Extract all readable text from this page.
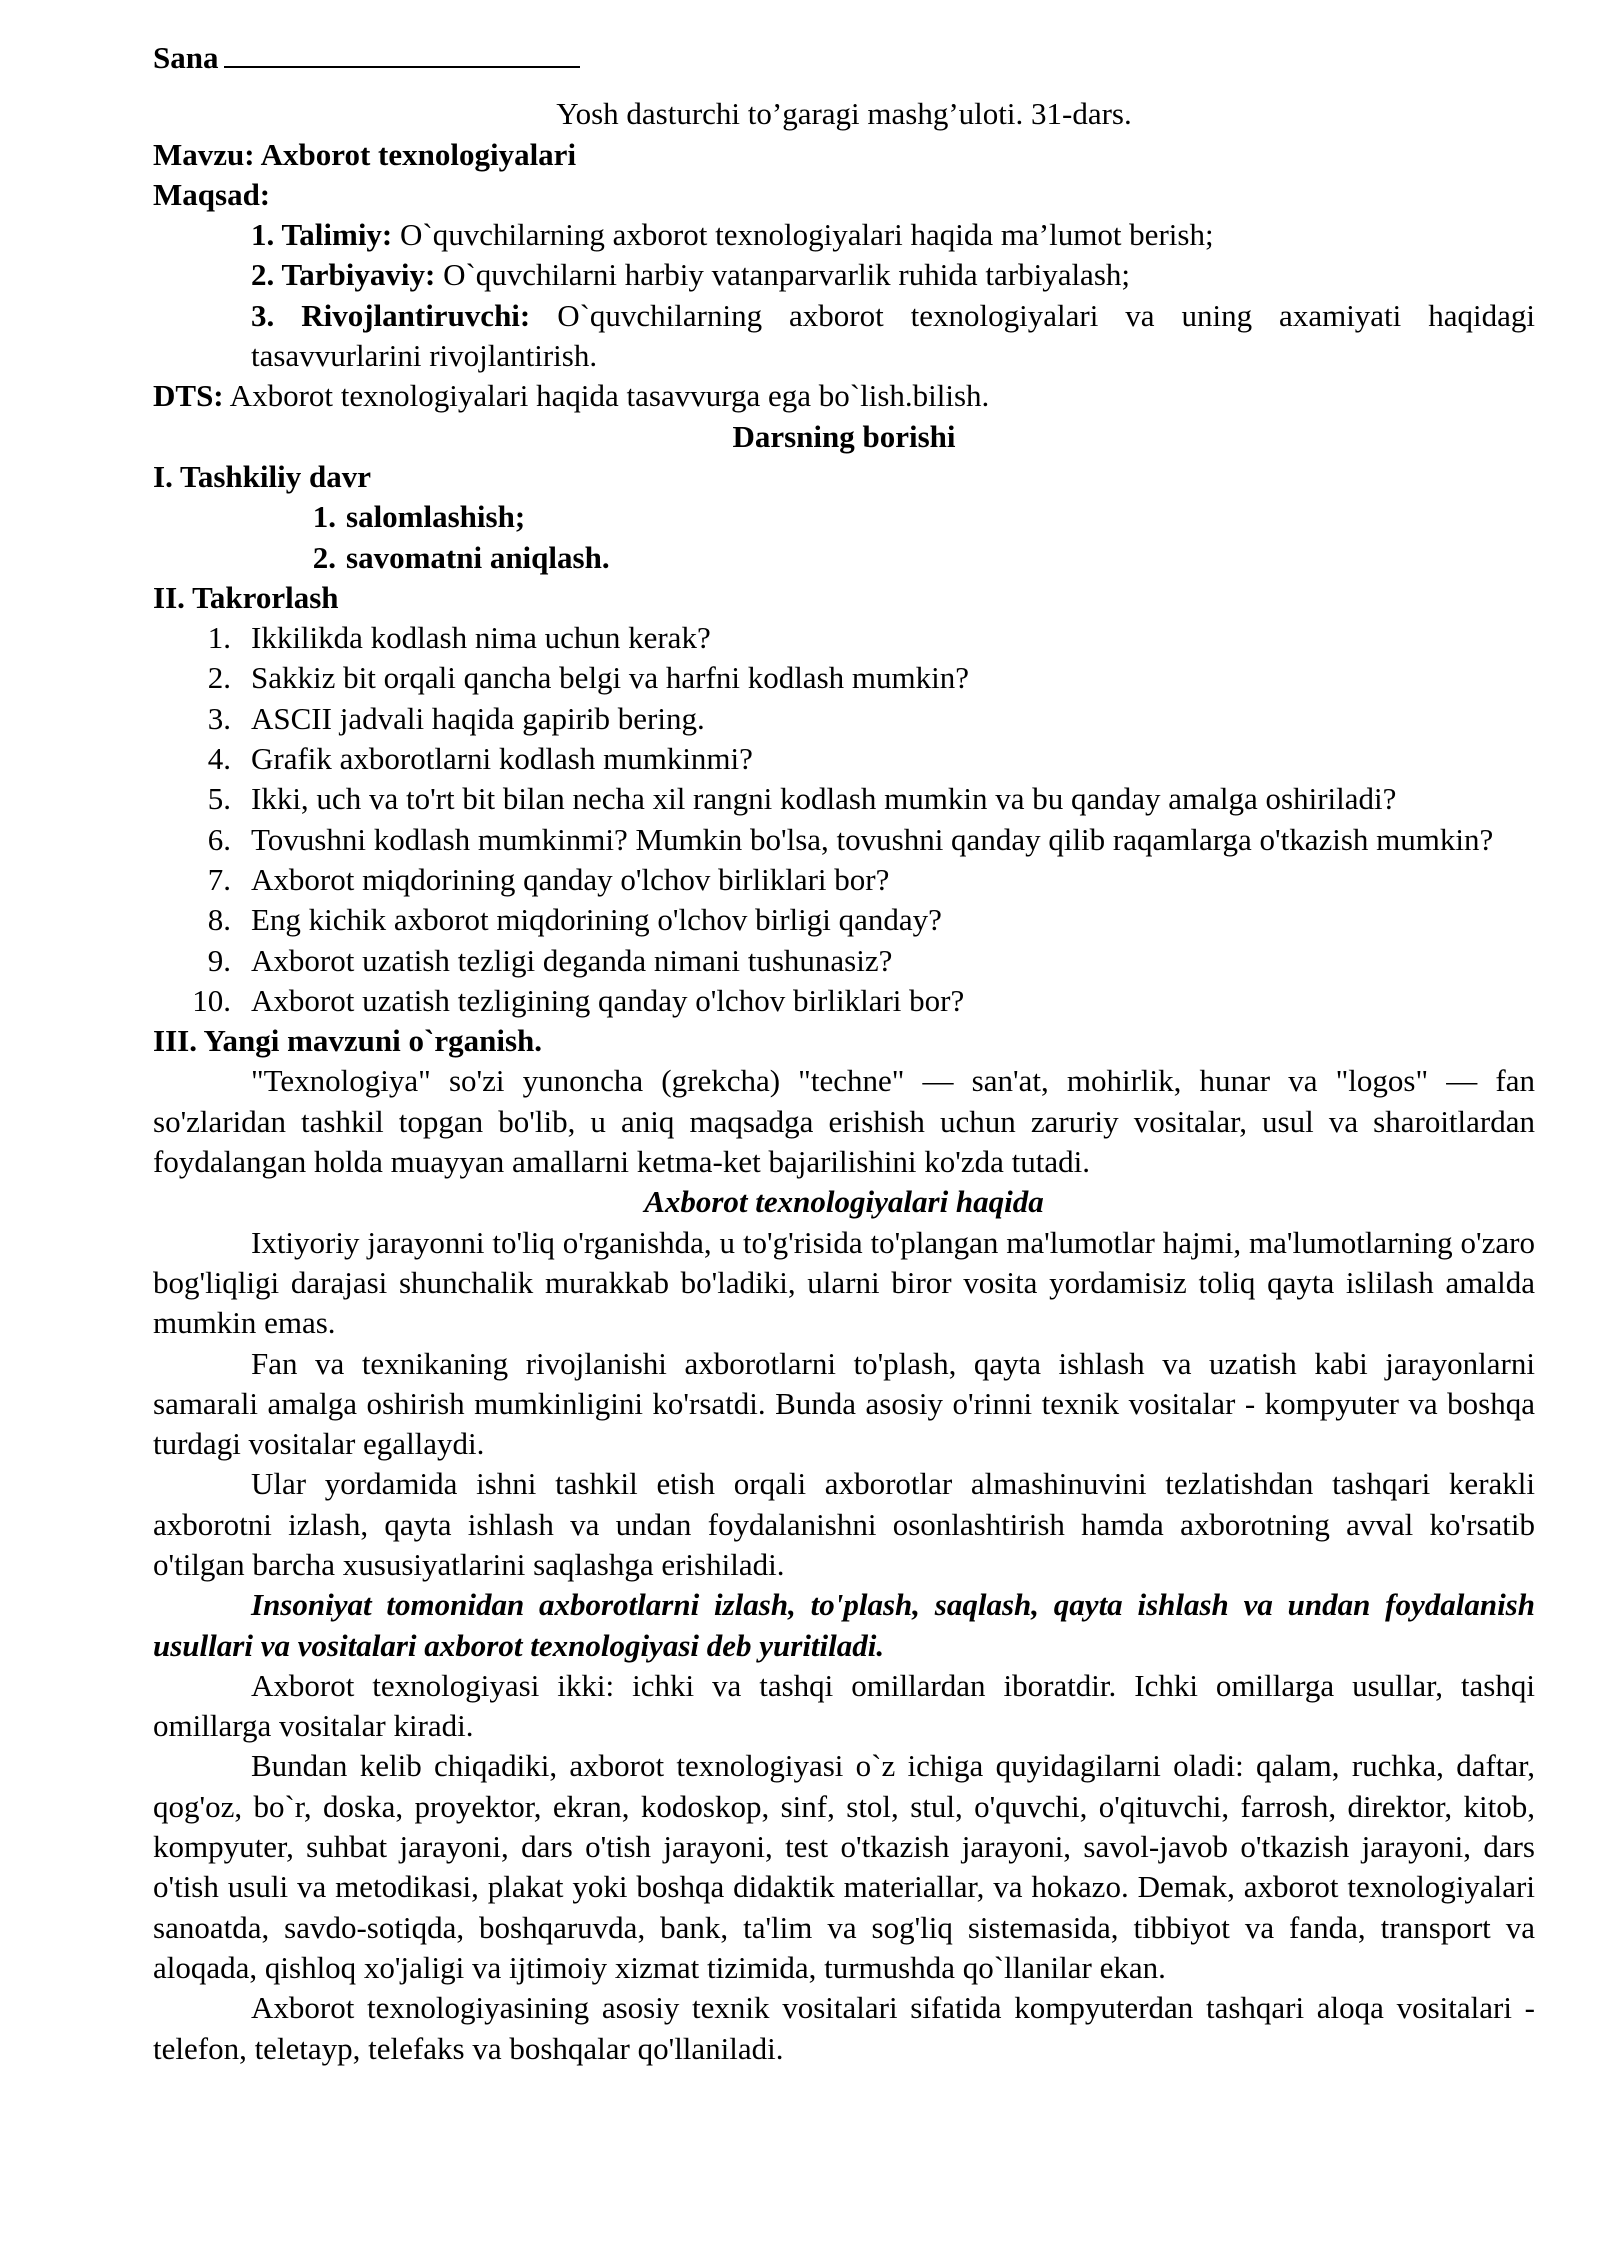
Sana

Yosh dasturchi to’garagi mashg’uloti. 31-dars.

Mavzu: Axborot texnologiyalari

Maqsad:

1. Talimiy: O`quvchilarning axborot texnologiyalari haqida ma’lumot berish;

2. Tarbiyaviy: O`quvchilarni harbiy vatanparvarlik ruhida tarbiyalash;

3. Rivojlantiruvchi: O`quvchilarning axborot texnologiyalari va uning axamiyati haqidagi tasavvurlarini rivojlantirish.

DTS: Axborot texnologiyalari haqida tasavvurga ega bo`lish.bilish.

Darsning borishi

I. Tashkiliy davr

1. salomlashish;
2. savomatni aniqlash.

II. Takrorlash

1. Ikkilikda kodlash nima uchun kerak?
2. Sakkiz bit orqali qancha belgi va harfni kodlash mumkin?
3. ASCII jadvali haqida gapirib bering.
4. Grafik axborotlarni kodlash mumkinmi?
5. Ikki, uch va to'rt bit bilan necha xil rangni kodlash mumkin va bu qanday amalga oshiriladi?
6. Tovushni kodlash mumkinmi? Mumkin bo'lsa, tovushni qanday qilib raqamlarga o'tkazish mumkin?
7. Axborot miqdorining qanday o'lchov birliklari bor?
8. Eng kichik axborot miqdorining o'lchov birligi qanday?
9. Axborot uzatish tezligi deganda nimani tushunasiz?
10. Axborot uzatish tezligining qanday o'lchov birliklari bor?

III. Yangi mavzuni o`rganish.

"Texnologiya" so'zi yunoncha (grekcha) "techne" — san'at, mohirlik, hunar va "logos" — fan so'zlaridan tashkil topgan bo'lib, u aniq maqsadga erishish uchun zaruriy vositalar, usul va sharoitlardan foydalangan holda muayyan amallarni ketma-ket bajarilishini ko'zda tutadi.

Axborot texnologiyalari haqida

Ixtiyoriy jarayonni to'liq o'rganishda, u to'g'risida to'plangan ma'lumotlar hajmi, ma'lumotlarning o'zaro bog'liqligi darajasi shunchalik murakkab bo'ladiki, ularni biror vosita yordamisiz toliq qayta islilash amalda mumkin emas.

Fan va texnikaning rivojlanishi axborotlarni to'plash, qayta ishlash va uzatish kabi jarayonlarni samarali amalga oshirish mumkinligini ko'rsatdi. Bunda asosiy o'rinni texnik vositalar - kompyuter va boshqa turdagi vositalar egallaydi.

Ular yordamida ishni tashkil etish orqali axborotlar almashinuvini tezlatishdan tashqari kerakli axborotni izlash, qayta ishlash va undan foydalanishni osonlashtirish hamda axborotning avval ko'rsatib o'tilgan barcha xususiyatlarini saqlashga erishiladi.

Insoniyat tomonidan axborotlarni izlash, to'plash, saqlash, qayta ishlash va undan foydalanish usullari va vositalari axborot texnologiyasi deb yuritiladi.

Axborot texnologiyasi ikki: ichki va tashqi omillardan iboratdir. Ichki omillarga usullar, tashqi omillarga vositalar kiradi.

Bundan kelib chiqadiki, axborot texnologiyasi o`z ichiga quyidagilarni oladi: qalam, ruchka, daftar, qog'oz, bo`r, doska, proyektor, ekran, kodoskop, sinf, stol, stul, o'quvchi, o'qituvchi, farrosh, direktor, kitob, kompyuter, suhbat jarayoni, dars o'tish jarayoni, test o'tkazish jarayoni, savol-javob o'tkazish jarayoni, dars o'tish usuli va metodikasi, plakat yoki boshqa didaktik materiallar, va hokazo. Demak, axborot texnologiyalari sanoatda, savdo-sotiqda, boshqaruvda, bank, ta'lim va sog'liq sistemasida, tibbiyot va fanda, transport va aloqada, qishloq xo'jaligi va ijtimoiy xizmat tizimida, turmushda qo`llanilar ekan.

Axborot texnologiyasining asosiy texnik vositalari sifatida kompyuterdan tashqari aloqa vositalari - telefon, teletayp, telefaks va boshqalar qo'llaniladi.
